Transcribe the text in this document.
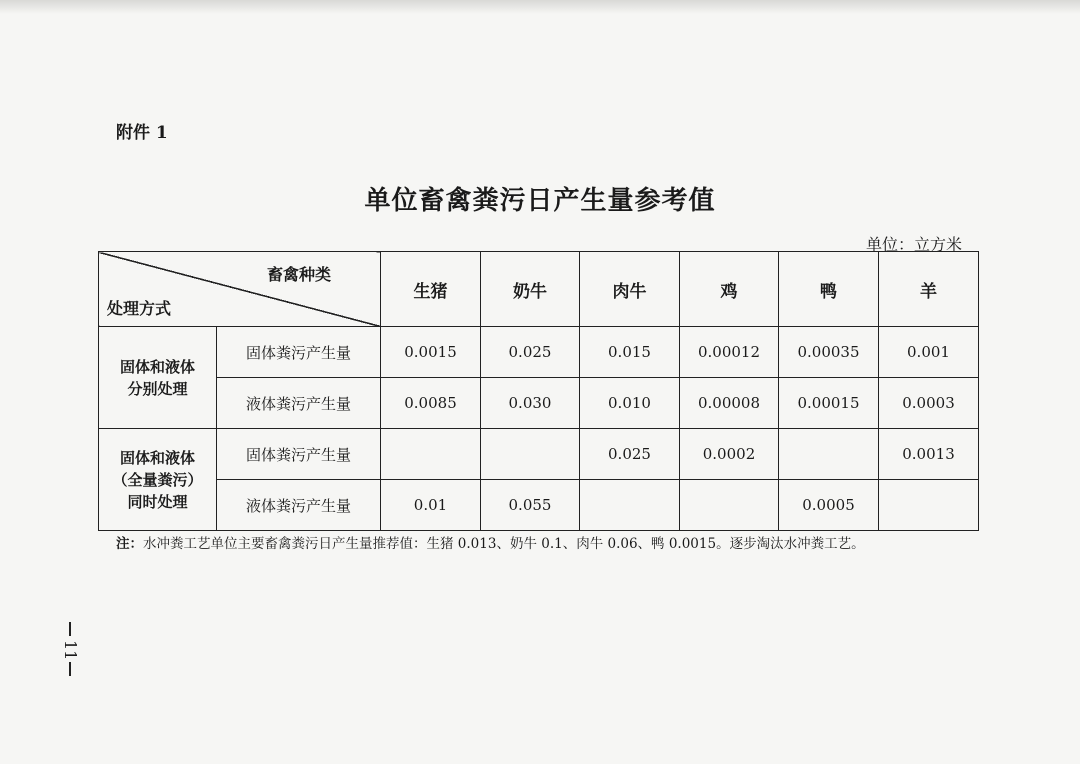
附件 1
单位畜禽粪污日产生量参考值
单位：立方米
畜禽种类
处理方式		生猪	奶牛	肉牛	鸡	鸭	羊

固体和液体
分别处理	固体粪污产生量	0.0015	0.025	0.015	0.00012	0.00035	0.001
	液体粪污产生量	0.0085	0.030	0.010	0.00008	0.00015	0.0003

固体和液体
（全量粪污）
同时处理	固体粪污产生量			0.025	0.0002		0.0013
	液体粪污产生量	0.01	0.055			0.0005	
注：水冲粪工艺单位主要畜禽粪污日产生量推荐值：生猪 0.013、奶牛 0.1、肉牛 0.06、鸭 0.0015。逐步淘汰水冲粪工艺。
11
